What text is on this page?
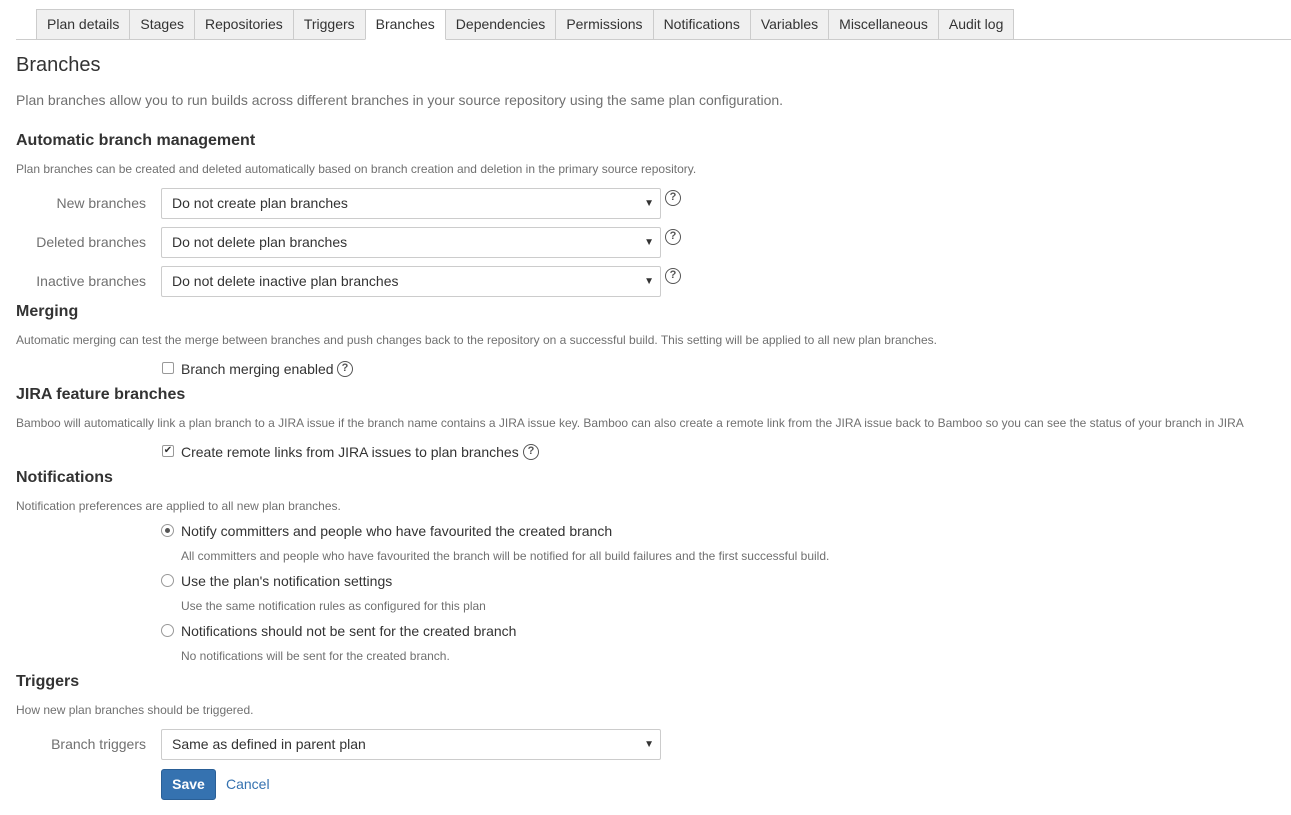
Plan details	Stages	Repositories	Triggers	Branches	Dependencies	Permissions	Notifications	Variables	Miscellaneous	Audit log
Branches
Plan branches allow you to run builds across different branches in your source repository using the same plan configuration.
Automatic branch management
Plan branches can be created and deleted automatically based on branch creation and deletion in the primary source repository.
New branches	Do not create plan branches	▼
?
Deleted branches	Do not delete plan branches	▼
?
Inactive branches	Do not delete inactive plan branches	▼
?
Merging
Automatic merging can test the merge between branches and push changes back to the repository on a successful build. This setting will be applied to all new plan branches.
Branch merging enabled ?
JIRA feature branches
Bamboo will automatically link a plan branch to a JIRA issue if the branch name contains a JIRA issue key. Bamboo can also create a remote link from the JIRA issue back to Bamboo so you can see the status of your branch in JIRA
✔ Create remote links from JIRA issues to plan branches ?
Notifications
Notification preferences are applied to all new plan branches.
Notify committers and people who have favourited the created branch
All committers and people who have favourited the branch will be notified for all build failures and the first successful build.
Use the plan's notification settings
Use the same notification rules as configured for this plan
Notifications should not be sent for the created branch
No notifications will be sent for the created branch.
Triggers
How new plan branches should be triggered.
Branch triggers	Same as defined in parent plan	▼
Save	Cancel
